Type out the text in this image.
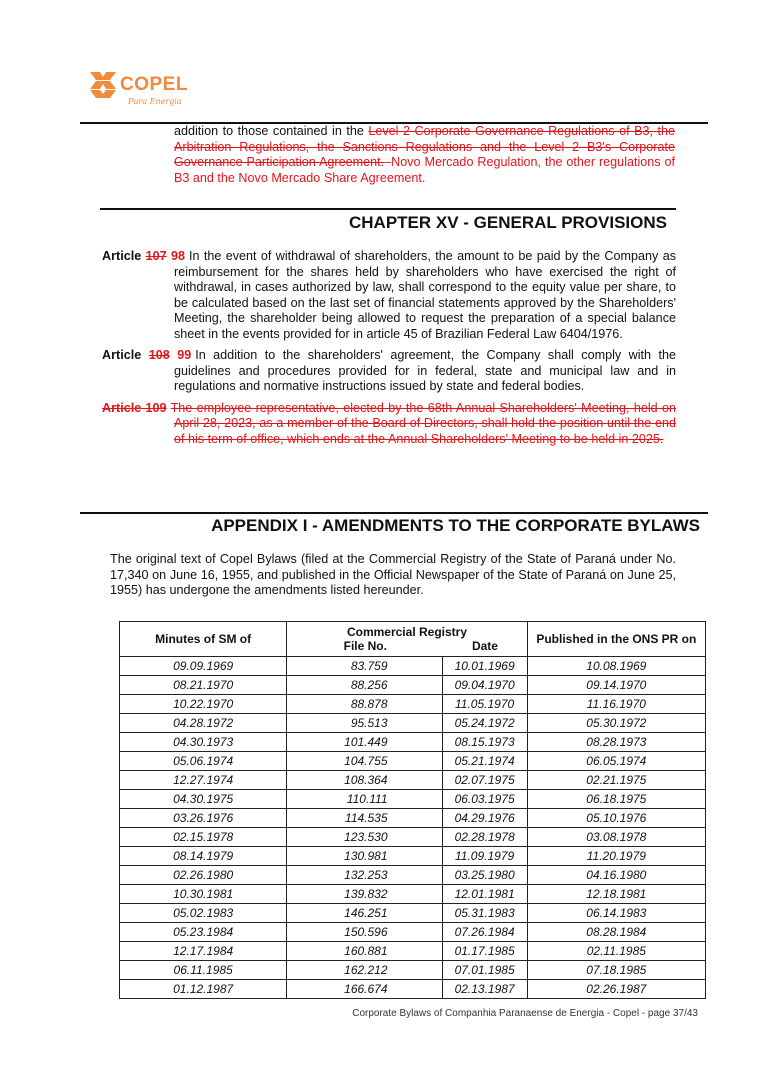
COPEL
Pura Energia
addition to those contained in the Level 2 Corporate Governance Regulations of B3, the Arbitration Regulations, the Sanctions Regulations and the Level 2 B3's Corporate Governance Participation Agreement.–Novo Mercado Regulation, the other regulations of B3 and the Novo Mercado Share Agreement.
CHAPTER XV - GENERAL PROVISIONS
Article 107 98 In the event of withdrawal of shareholders, the amount to be paid by the Company as reimbursement for the shares held by shareholders who have exercised the right of withdrawal, in cases authorized by law, shall correspond to the equity value per share, to be calculated based on the last set of financial statements approved by the Shareholders' Meeting, the shareholder being allowed to request the preparation of a special balance sheet in the events provided for in article 45 of Brazilian Federal Law 6404/1976.
Article 108 99 In addition to the shareholders' agreement, the Company shall comply with the guidelines and procedures provided for in federal, state and municipal law and in regulations and normative instructions issued by state and federal bodies.
Article 109 The employee representative, elected by the 68th Annual Shareholders' Meeting, held on April 28, 2023, as a member of the Board of Directors, shall hold the position until the end of his term of office, which ends at the Annual Shareholders' Meeting to be held in 2025.
APPENDIX I - AMENDMENTS TO THE CORPORATE BYLAWS
The original text of Copel Bylaws (filed at the Commercial Registry of the State of Paraná under No. 17,340 on June 16, 1955, and published in the Official Newspaper of the State of Paraná on June 25, 1955) has undergone the amendments listed hereunder.
Minutes of SM of	Commercial Registry
File No. Date		Published in the ONS PR on
09.09.1969	83.759	10.01.1969	10.08.1969
08.21.1970	88.256	09.04.1970	09.14.1970
10.22.1970	88.878	11.05.1970	11.16.1970
04.28.1972	95.513	05.24.1972	05.30.1972
04.30.1973	101.449	08.15.1973	08.28.1973
05.06.1974	104.755	05.21.1974	06.05.1974
12.27.1974	108.364	02.07.1975	02.21.1975
04.30.1975	110.111	06.03.1975	06.18.1975
03.26.1976	114.535	04.29.1976	05.10.1976
02.15.1978	123.530	02.28.1978	03.08.1978
08.14.1979	130.981	11.09.1979	11.20.1979
02.26.1980	132.253	03.25.1980	04.16.1980
10.30.1981	139.832	12.01.1981	12.18.1981
05.02.1983	146.251	05.31.1983	06.14.1983
05.23.1984	150.596	07.26.1984	08.28.1984
12.17.1984	160.881	01.17.1985	02.11.1985
06.11.1985	162.212	07.01.1985	07.18.1985
01.12.1987	166.674	02.13.1987	02.26.1987
Corporate Bylaws of Companhia Paranaense de Energia - Copel - page 37/43
